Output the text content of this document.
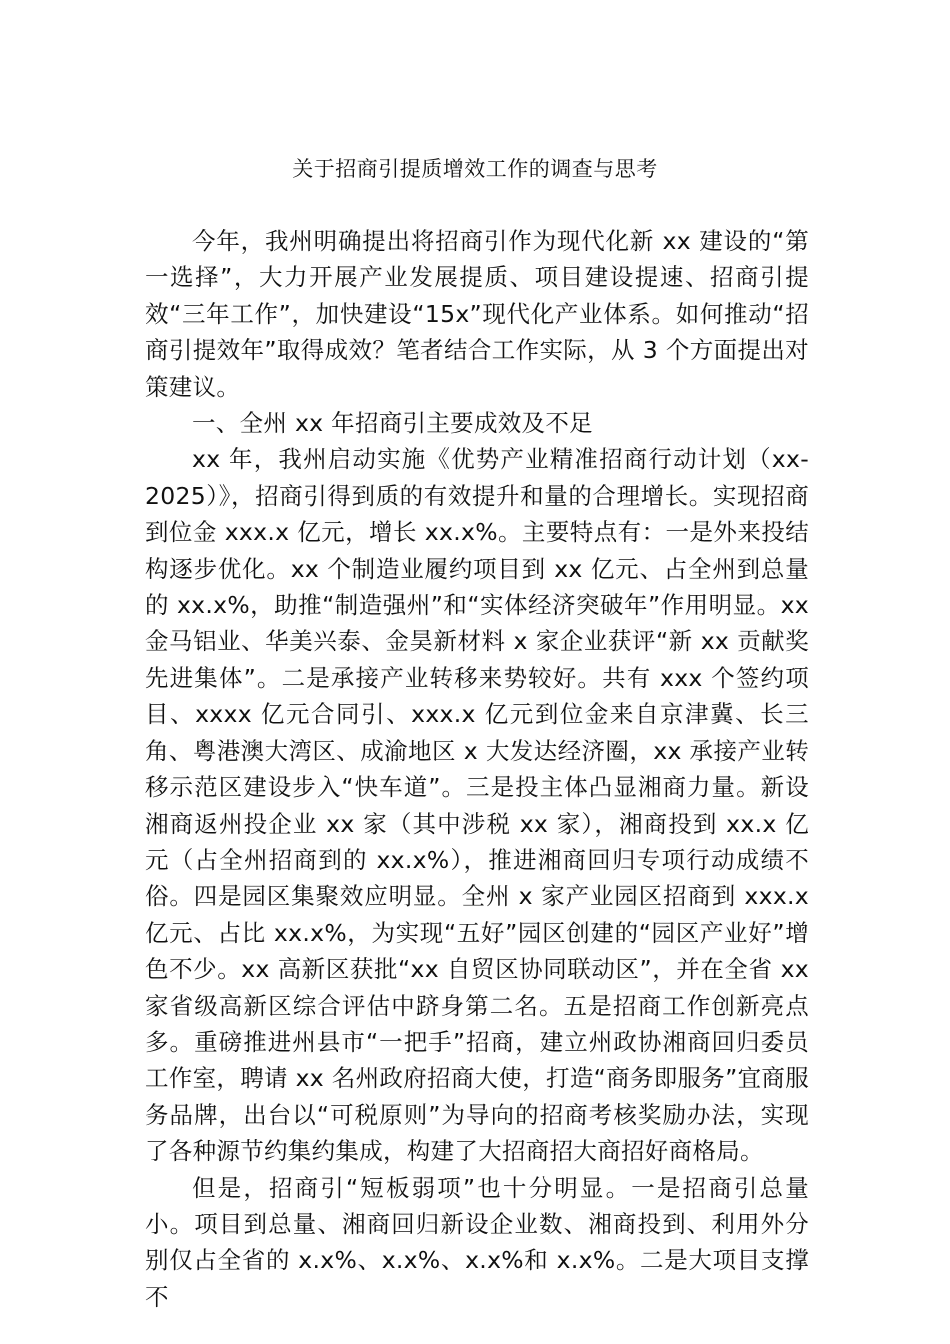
关于招商引提质增效工作的调查与思考

今年，我州明确提出将招商引作为现代化新 xx 建设的“第一选择”，大力开展产业发展提质、项目建设提速、招商引提效“三年工作”，加快建设“15x”现代化产业体系。如何推动“招商引提效年”取得成效？笔者结合工作实际，从 3 个方面提出对策建议。

一、全州 xx 年招商引主要成效及不足

xx 年，我州启动实施《优势产业精准招商行动计划（xx-2025）》，招商引得到质的有效提升和量的合理增长。实现招商到位金 xxx.x 亿元，增长 xx.x%。主要特点有：一是外来投结构逐步优化。xx 个制造业履约项目到 xx 亿元、占全州到总量的 xx.x%，助推“制造强州”和“实体经济突破年”作用明显。xx 金马铝业、华美兴泰、金昊新材料 x 家企业获评“新 xx 贡献奖先进集体”。二是承接产业转移来势较好。共有 xxx 个签约项目、xxxx 亿元合同引、xxx.x 亿元到位金来自京津冀、长三角、粤港澳大湾区、成渝地区 x 大发达经济圈，xx 承接产业转移示范区建设步入“快车道”。三是投主体凸显湘商力量。新设湘商返州投企业 xx 家（其中涉税 xx 家），湘商投到 xx.x 亿元（占全州招商到的 xx.x%），推进湘商回归专项行动成绩不俗。四是园区集聚效应明显。全州 x 家产业园区招商到 xxx.x 亿元、占比 xx.x%，为实现“五好”园区创建的“园区产业好”增色不少。xx 高新区获批“xx 自贸区协同联动区”，并在全省 xx 家省级高新区综合评估中跻身第二名。五是招商工作创新亮点多。重磅推进州县市“一把手”招商，建立州政协湘商回归委员工作室，聘请 xx 名州政府招商大使，打造“商务即服务”宜商服务品牌，出台以“可税原则”为导向的招商考核奖励办法，实现了各种源节约集约集成，构建了大招商招大商招好商格局。

但是，招商引“短板弱项”也十分明显。一是招商引总量小。项目到总量、湘商回归新设企业数、湘商投到、利用外分别仅占全省的 x.x%、x.x%、x.x%和 x.x%。二是大项目支撑不
